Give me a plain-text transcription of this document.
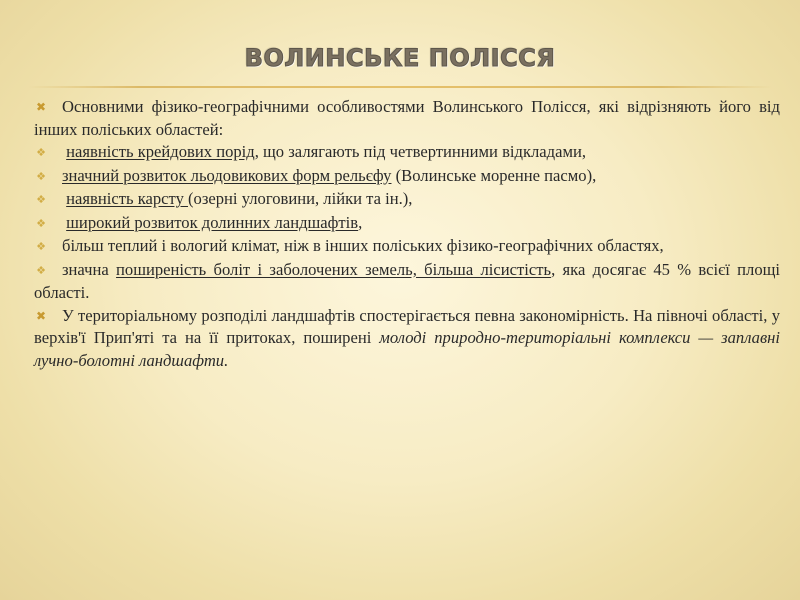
ВОЛИНСЬКЕ ПОЛІССЯ

✖ Основними фізико-географічними особливостями Волинського Полісся, які відрізняють його від інших поліських областей:

❖ наявність крейдових порід, що залягають під четвертинними відкладами,

❖ значний розвиток льодовикових форм рельєфу (Волинське моренне пасмо),

❖ наявність карсту (озерні улоговини, лійки та ін.),

❖ широкий розвиток долинних ландшафтів,

❖ більш теплий і вологий клімат, ніж в інших поліських фізико-географічних областях,

❖ значна поширеність боліт і заболочених земель, більша лісистість, яка досягає 45 % всієї площі області.

✖ У територіальному розподілі ландшафтів спостерігається певна закономірність. На півночі області, у верхів'ї Прип'яті та на її притоках, поширені молоді природно-територіальні комплекси — заплавні лучно-болотні ландшафти.
